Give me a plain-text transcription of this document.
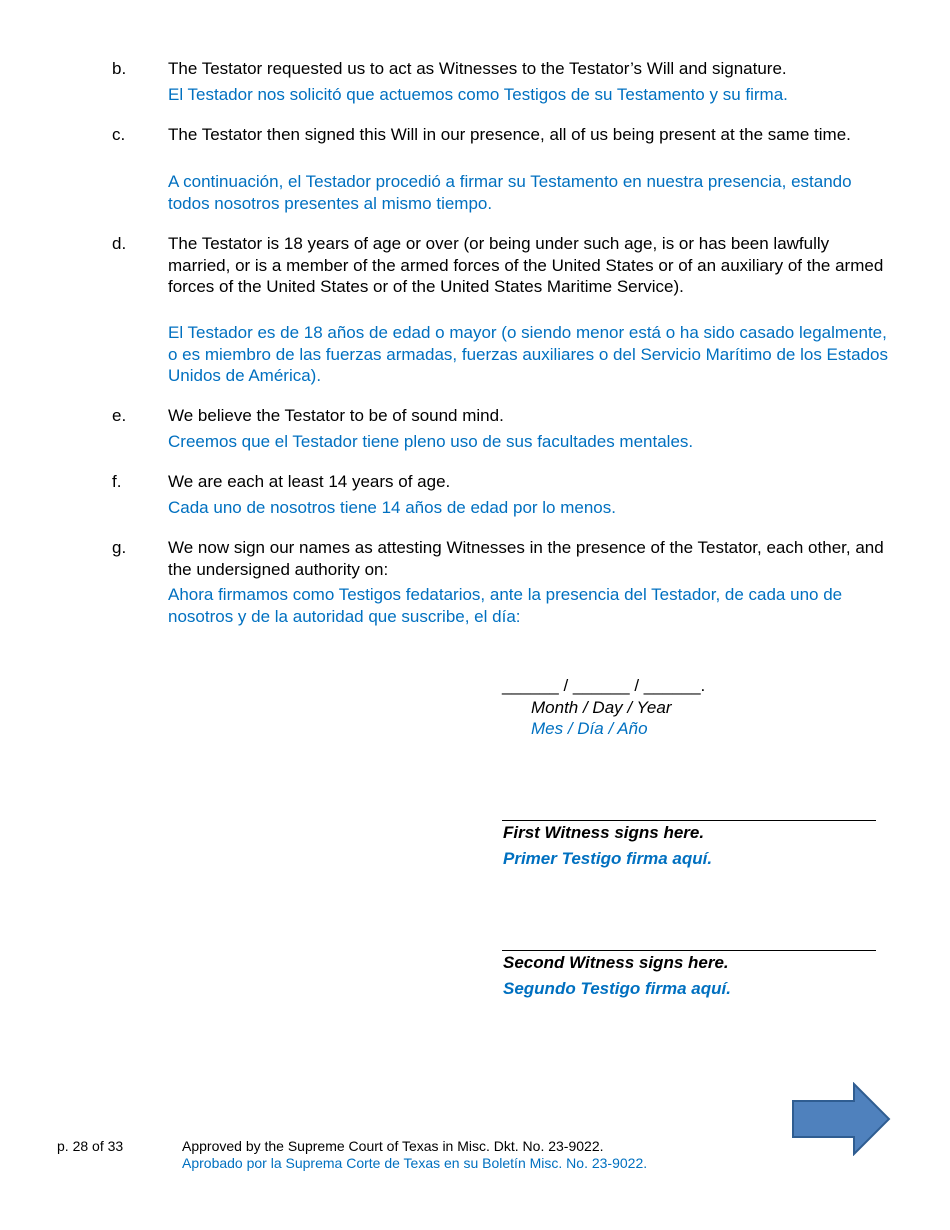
b. The Testator requested us to act as Witnesses to the Testator’s Will and signature.
El Testador nos solicitó que actuemos como Testigos de su Testamento y su firma.
c.	The Testator then signed this Will in our presence, all of us being present at the same time.
A continuación, el Testador procedió a firmar su Testamento en nuestra presencia, estando todos nosotros presentes al mismo tiempo.
d. The Testator is 18 years of age or over (or being under such age, is or has been lawfully married, or is a member of the armed forces of the United States or of an auxiliary of the armed forces of the United States or of the United States Maritime Service).
El Testador es de 18 años de edad o mayor (o siendo menor está o ha sido casado legalmente, o es miembro de las fuerzas armadas, fuerzas auxiliares o del Servicio Marítimo de los Estados Unidos de América).
e. We believe the Testator to be of sound mind.
Creemos que el Testador tiene pleno uso de sus facultades mentales.
f.	We are each at least 14 years of age.
Cada uno de nosotros tiene 14 años de edad por lo menos.
g. We now sign our names as attesting Witnesses in the presence of the Testator, each other, and the undersigned authority on:
Ahora firmamos como Testigos fedatarios, ante la presencia del Testador, de cada uno de nosotros y de la autoridad que suscribe, el día:
______ / ______ / ______.
Month / Day / Year
Mes / Día / Año
First Witness signs here.
Primer Testigo firma aquí.
Second Witness signs here.
Segundo Testigo firma aquí.
p. 28 of 33	Approved by the Supreme Court of Texas in Misc. Dkt. No. 23-9022.
Aprobado por la Suprema Corte de Texas en su Boletín Misc. No. 23-9022.
